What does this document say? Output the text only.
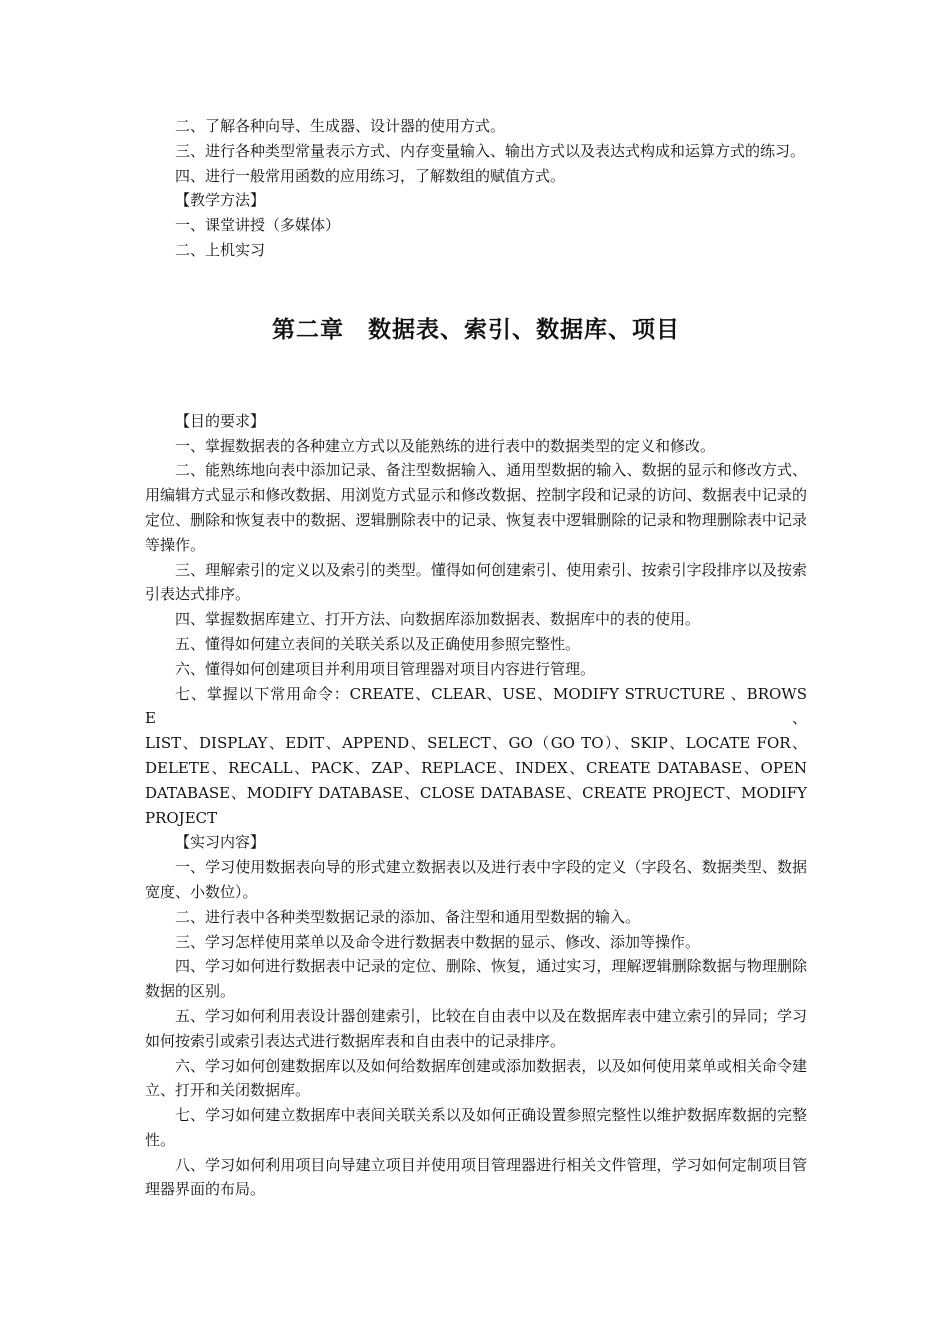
二、了解各种向导、生成器、设计器的使用方式。

三、进行各种类型常量表示方式、内存变量输入、输出方式以及表达式构成和运算方式的练习。

四、进行一般常用函数的应用练习，了解数组的赋值方式。

【教学方法】

一、课堂讲授（多媒体）

二、上机实习

第二章　数据表、索引、数据库、项目

【目的要求】

一、掌握数据表的各种建立方式以及能熟练的进行表中的数据类型的定义和修改。

二、能熟练地向表中添加记录、备注型数据输入、通用型数据的输入、数据的显示和修改方式、用编辑方式显示和修改数据、用浏览方式显示和修改数据、控制字段和记录的访问、数据表中记录的定位、删除和恢复表中的数据、逻辑删除表中的记录、恢复表中逻辑删除的记录和物理删除表中记录等操作。

三、理解索引的定义以及索引的类型。懂得如何创建索引、使用索引、按索引字段排序以及按索引表达式排序。

四、掌握数据库建立、打开方法、向数据库添加数据表、数据库中的表的使用。

五、懂得如何建立表间的关联关系以及正确使用参照完整性。

六、懂得如何创建项目并利用项目管理器对项目内容进行管理。

七、掌握以下常用命令：CREATE、CLEAR、USE、MODIFY STRUCTURE 、BROWSE、

LIST、DISPLAY、EDIT、APPEND、SELECT、GO（GO TO）、SKIP、LOCATE FOR、

DELETE、RECALL、PACK、ZAP、REPLACE、INDEX、CREATE DATABASE、OPEN

DATABASE、MODIFY DATABASE、CLOSE DATABASE、CREATE PROJECT、MODIFY

PROJECT

【实习内容】

一、学习使用数据表向导的形式建立数据表以及进行表中字段的定义（字段名、数据类型、数据宽度、小数位）。

二、进行表中各种类型数据记录的添加、备注型和通用型数据的输入。

三、学习怎样使用菜单以及命令进行数据表中数据的显示、修改、添加等操作。

四、学习如何进行数据表中记录的定位、删除、恢复，通过实习，理解逻辑删除数据与物理删除数据的区别。

五、学习如何利用表设计器创建索引，比较在自由表中以及在数据库表中建立索引的异同；学习如何按索引或索引表达式进行数据库表和自由表中的记录排序。

六、学习如何创建数据库以及如何给数据库创建或添加数据表，以及如何使用菜单或相关命令建立、打开和关闭数据库。

七、学习如何建立数据库中表间关联关系以及如何正确设置参照完整性以维护数据库数据的完整性。

八、学习如何利用项目向导建立项目并使用项目管理器进行相关文件管理，学习如何定制项目管理器界面的布局。
